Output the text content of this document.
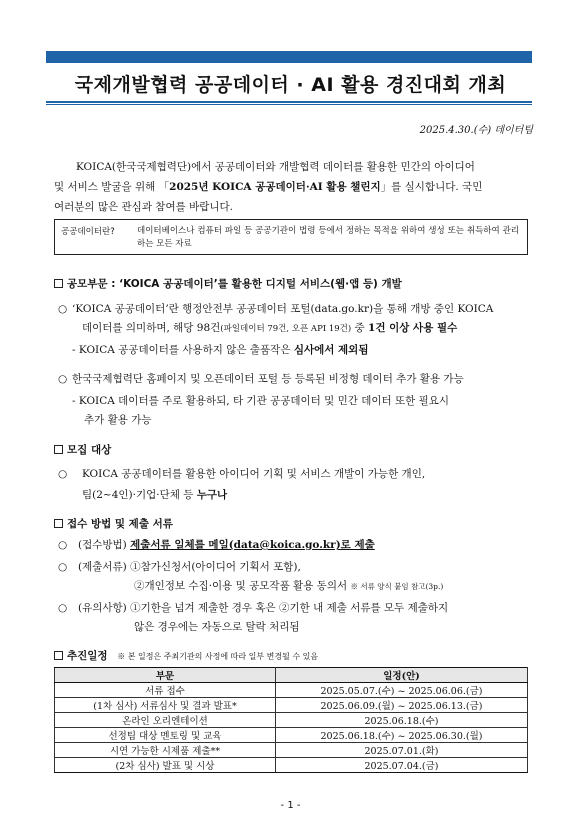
국제개발협력 공공데이터 · AI 활용 경진대회 개최
2025.4.30.(수) 데이터팀

KOICA(한국국제협력단)에서 공공데이터와 개발협력 데이터를 활용한 민간의 아이디어

및 서비스 발굴을 위해 「2025년 KOICA 공공데이터·AI 활용 챌린지」를 실시합니다. 국민
여러분의 많은 관심과 참여를 바랍니다.
공공데이터란?	데이터베이스나 컴퓨터 파일 등 공공기관이 법령 등에서 정하는 목적을 위하여 생성 또는 취득하여 관리하는 모든 자료
공모부문 : ‘KOICA 공공데이터’를 활용한 디지털 서비스(웹·앱 등) 개발
○ ‘KOICA 공공데이터’란 행정안전부 공공데이터 포털(data.go.kr)을 통해 개방 중인 KOICA
데이터를 의미하며, 해당 98건(파일데이터 79건, 오픈 API 19건) 중 1건 이상 사용 필수
- KOICA 공공데이터를 사용하지 않은 출품작은 심사에서 제외됨
○ 한국국제협력단 홈페이지 및 오픈데이터 포털 등 등록된 비정형 데이터 추가 활용 가능
- KOICA 데이터를 주로 활용하되, 타 기관 공공데이터 및 민간 데이터 또한 필요시
추가 활용 가능
모집 대상
○ KOICA 공공데이터를 활용한 아이디어 기획 및 서비스 개발이 가능한 개인,
팀(2~4인)·기업·단체 등 누구나
접수 방법 및 제출 서류
○ (접수방법) 제출서류 일체를 메일(data@koica.go.kr)로 제출
○ (제출서류) ①참가신청서(아이디어 기획서 포함),
②개인정보 수집·이용 및 공모작품 활용 동의서 ※ 서류 양식 붙임 참고(3p.)
○ (유의사항) ①기한을 넘겨 제출한 경우 혹은 ②기한 내 제출 서류를 모두 제출하지
않은 경우에는 자동으로 탈락 처리됨
추진일정 ※ 본 일정은 주최기관의 사정에 따라 일부 변경될 수 있음
부문	일정(안)
서류 접수	2025.05.07.(수) ~ 2025.06.06.(금)
(1차 심사) 서류심사 및 결과 발표*	2025.06.09.(월) ~ 2025.06.13.(금)
온라인 오리엔테이션	2025.06.18.(수)
선정팀 대상 멘토링 및 교육	2025.06.18.(수) ~ 2025.06.30.(월)
시연 가능한 시제품 제출**	2025.07.01.(화)
(2차 심사) 발표 및 시상	2025.07.04.(금)
- 1 -
